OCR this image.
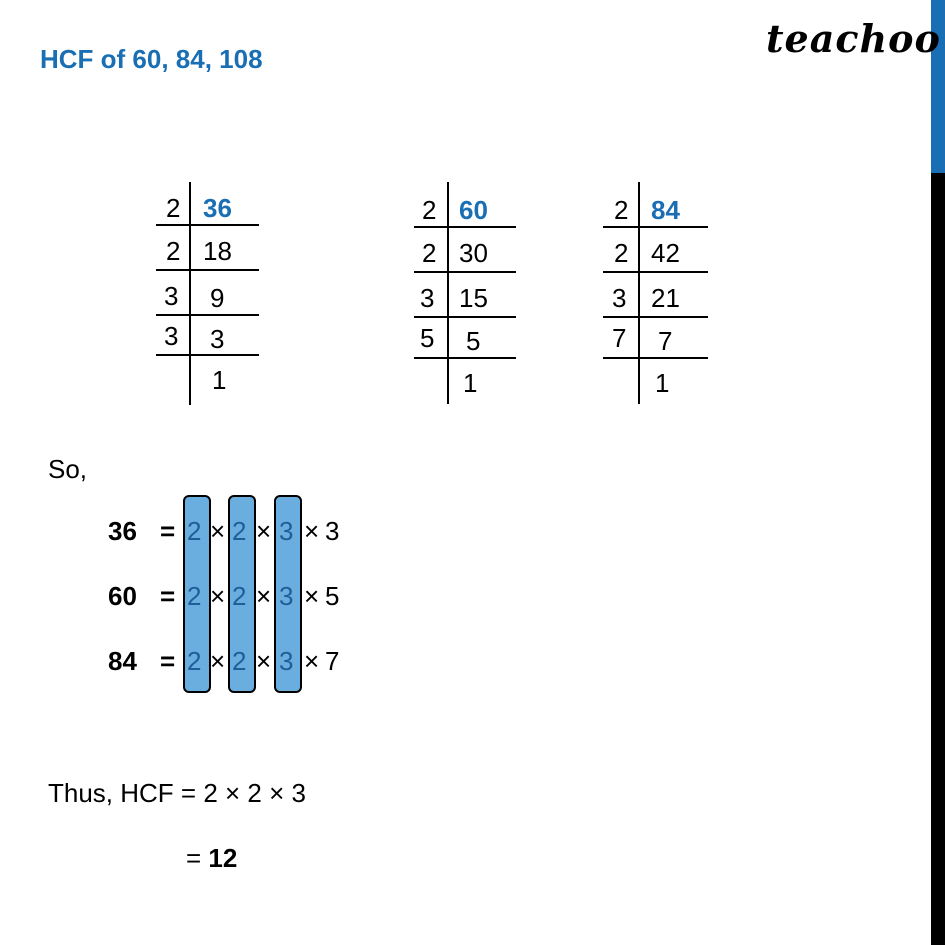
HCF of 60, 84, 108	teachoo
2 36
2 18
3 9
3 3
1
2 60
2 30
3 15
5 5
1
2 84
2 42
3 21
7 7
1
So,
36 = 2 × 2 × 3 × 3
60 = 2 × 2 × 3 × 5
84 = 2 × 2 × 3 × 7
Thus, HCF = 2 × 2 × 3
= 12
